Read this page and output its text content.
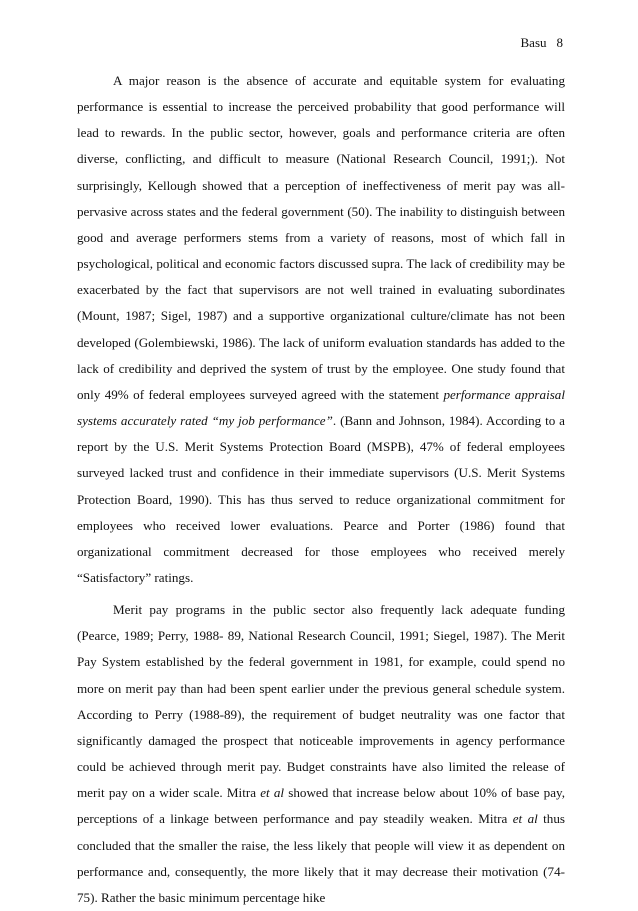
Basu 8

A major reason is the absence of accurate and equitable system for evaluating performance is essential to increase the perceived probability that good performance will lead to rewards. In the public sector, however, goals and performance criteria are often diverse, conflicting, and difficult to measure (National Research Council, 1991;). Not surprisingly, Kellough showed that a perception of ineffectiveness of merit pay was all-pervasive across states and the federal government (50). The inability to distinguish between good and average performers stems from a variety of reasons, most of which fall in psychological, political and economic factors discussed supra. The lack of credibility may be exacerbated by the fact that supervisors are not well trained in evaluating subordinates (Mount, 1987; Sigel, 1987) and a supportive organizational culture/climate has not been developed (Golembiewski, 1986). The lack of uniform evaluation standards has added to the lack of credibility and deprived the system of trust by the employee. One study found that only 49% of federal employees surveyed agreed with the statement performance appraisal systems accurately rated “my job performance”. (Bann and Johnson, 1984). According to a report by the U.S. Merit Systems Protection Board (MSPB), 47% of federal employees surveyed lacked trust and confidence in their immediate supervisors (U.S. Merit Systems Protection Board, 1990). This has thus served to reduce organizational commitment for employees who received lower evaluations. Pearce and Porter (1986) found that organizational commitment decreased for those employees who received merely “Satisfactory” ratings.

Merit pay programs in the public sector also frequently lack adequate funding (Pearce, 1989; Perry, 1988- 89, National Research Council, 1991; Siegel, 1987). The Merit Pay System established by the federal government in 1981, for example, could spend no more on merit pay than had been spent earlier under the previous general schedule system. According to Perry (1988-89), the requirement of budget neutrality was one factor that significantly damaged the prospect that noticeable improvements in agency performance could be achieved through merit pay. Budget constraints have also limited the release of merit pay on a wider scale. Mitra et al showed that increase below about 10% of base pay, perceptions of a linkage between performance and pay steadily weaken. Mitra et al thus concluded that the smaller the raise, the less likely that people will view it as dependent on performance and, consequently, the more likely that it may decrease their motivation (74-75). Rather the basic minimum percentage hike
